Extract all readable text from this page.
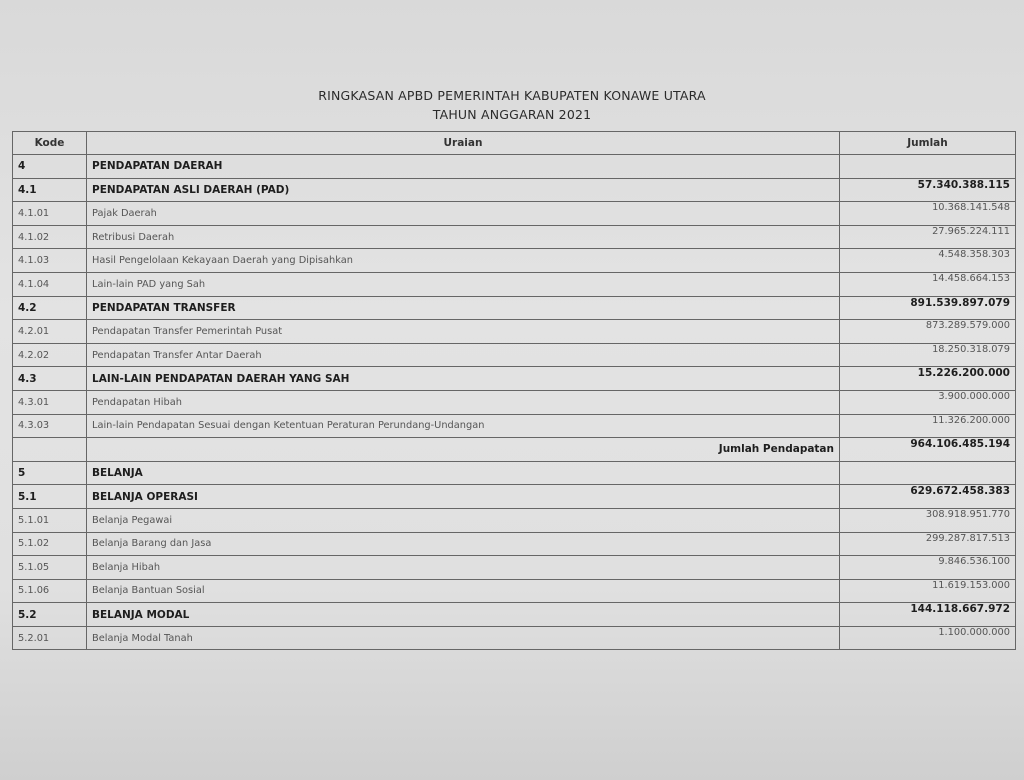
RINGKASAN APBD PEMERINTAH KABUPATEN KONAWE UTARA
TAHUN ANGGARAN 2021
Kode	Uraian	Jumlah
4	PENDAPATAN DAERAH	
4.1	PENDAPATAN ASLI DAERAH (PAD)	57.340.388.115
4.1.01	Pajak Daerah	10.368.141.548
4.1.02	Retribusi Daerah	27.965.224.111
4.1.03	Hasil Pengelolaan Kekayaan Daerah yang Dipisahkan	4.548.358.303
4.1.04	Lain-lain PAD yang Sah	14.458.664.153
4.2	PENDAPATAN TRANSFER	891.539.897.079
4.2.01	Pendapatan Transfer Pemerintah Pusat	873.289.579.000
4.2.02	Pendapatan Transfer Antar Daerah	18.250.318.079
4.3	LAIN-LAIN PENDAPATAN DAERAH YANG SAH	15.226.200.000
4.3.01	Pendapatan Hibah	3.900.000.000
4.3.03	Lain-lain Pendapatan Sesuai dengan Ketentuan Peraturan Perundang-Undangan	11.326.200.000
	Jumlah Pendapatan	964.106.485.194
5	BELANJA	
5.1	BELANJA OPERASI	629.672.458.383
5.1.01	Belanja Pegawai	308.918.951.770
5.1.02	Belanja Barang dan Jasa	299.287.817.513
5.1.05	Belanja Hibah	9.846.536.100
5.1.06	Belanja Bantuan Sosial	11.619.153.000
5.2	BELANJA MODAL	144.118.667.972
5.2.01	Belanja Modal Tanah	1.100.000.000
